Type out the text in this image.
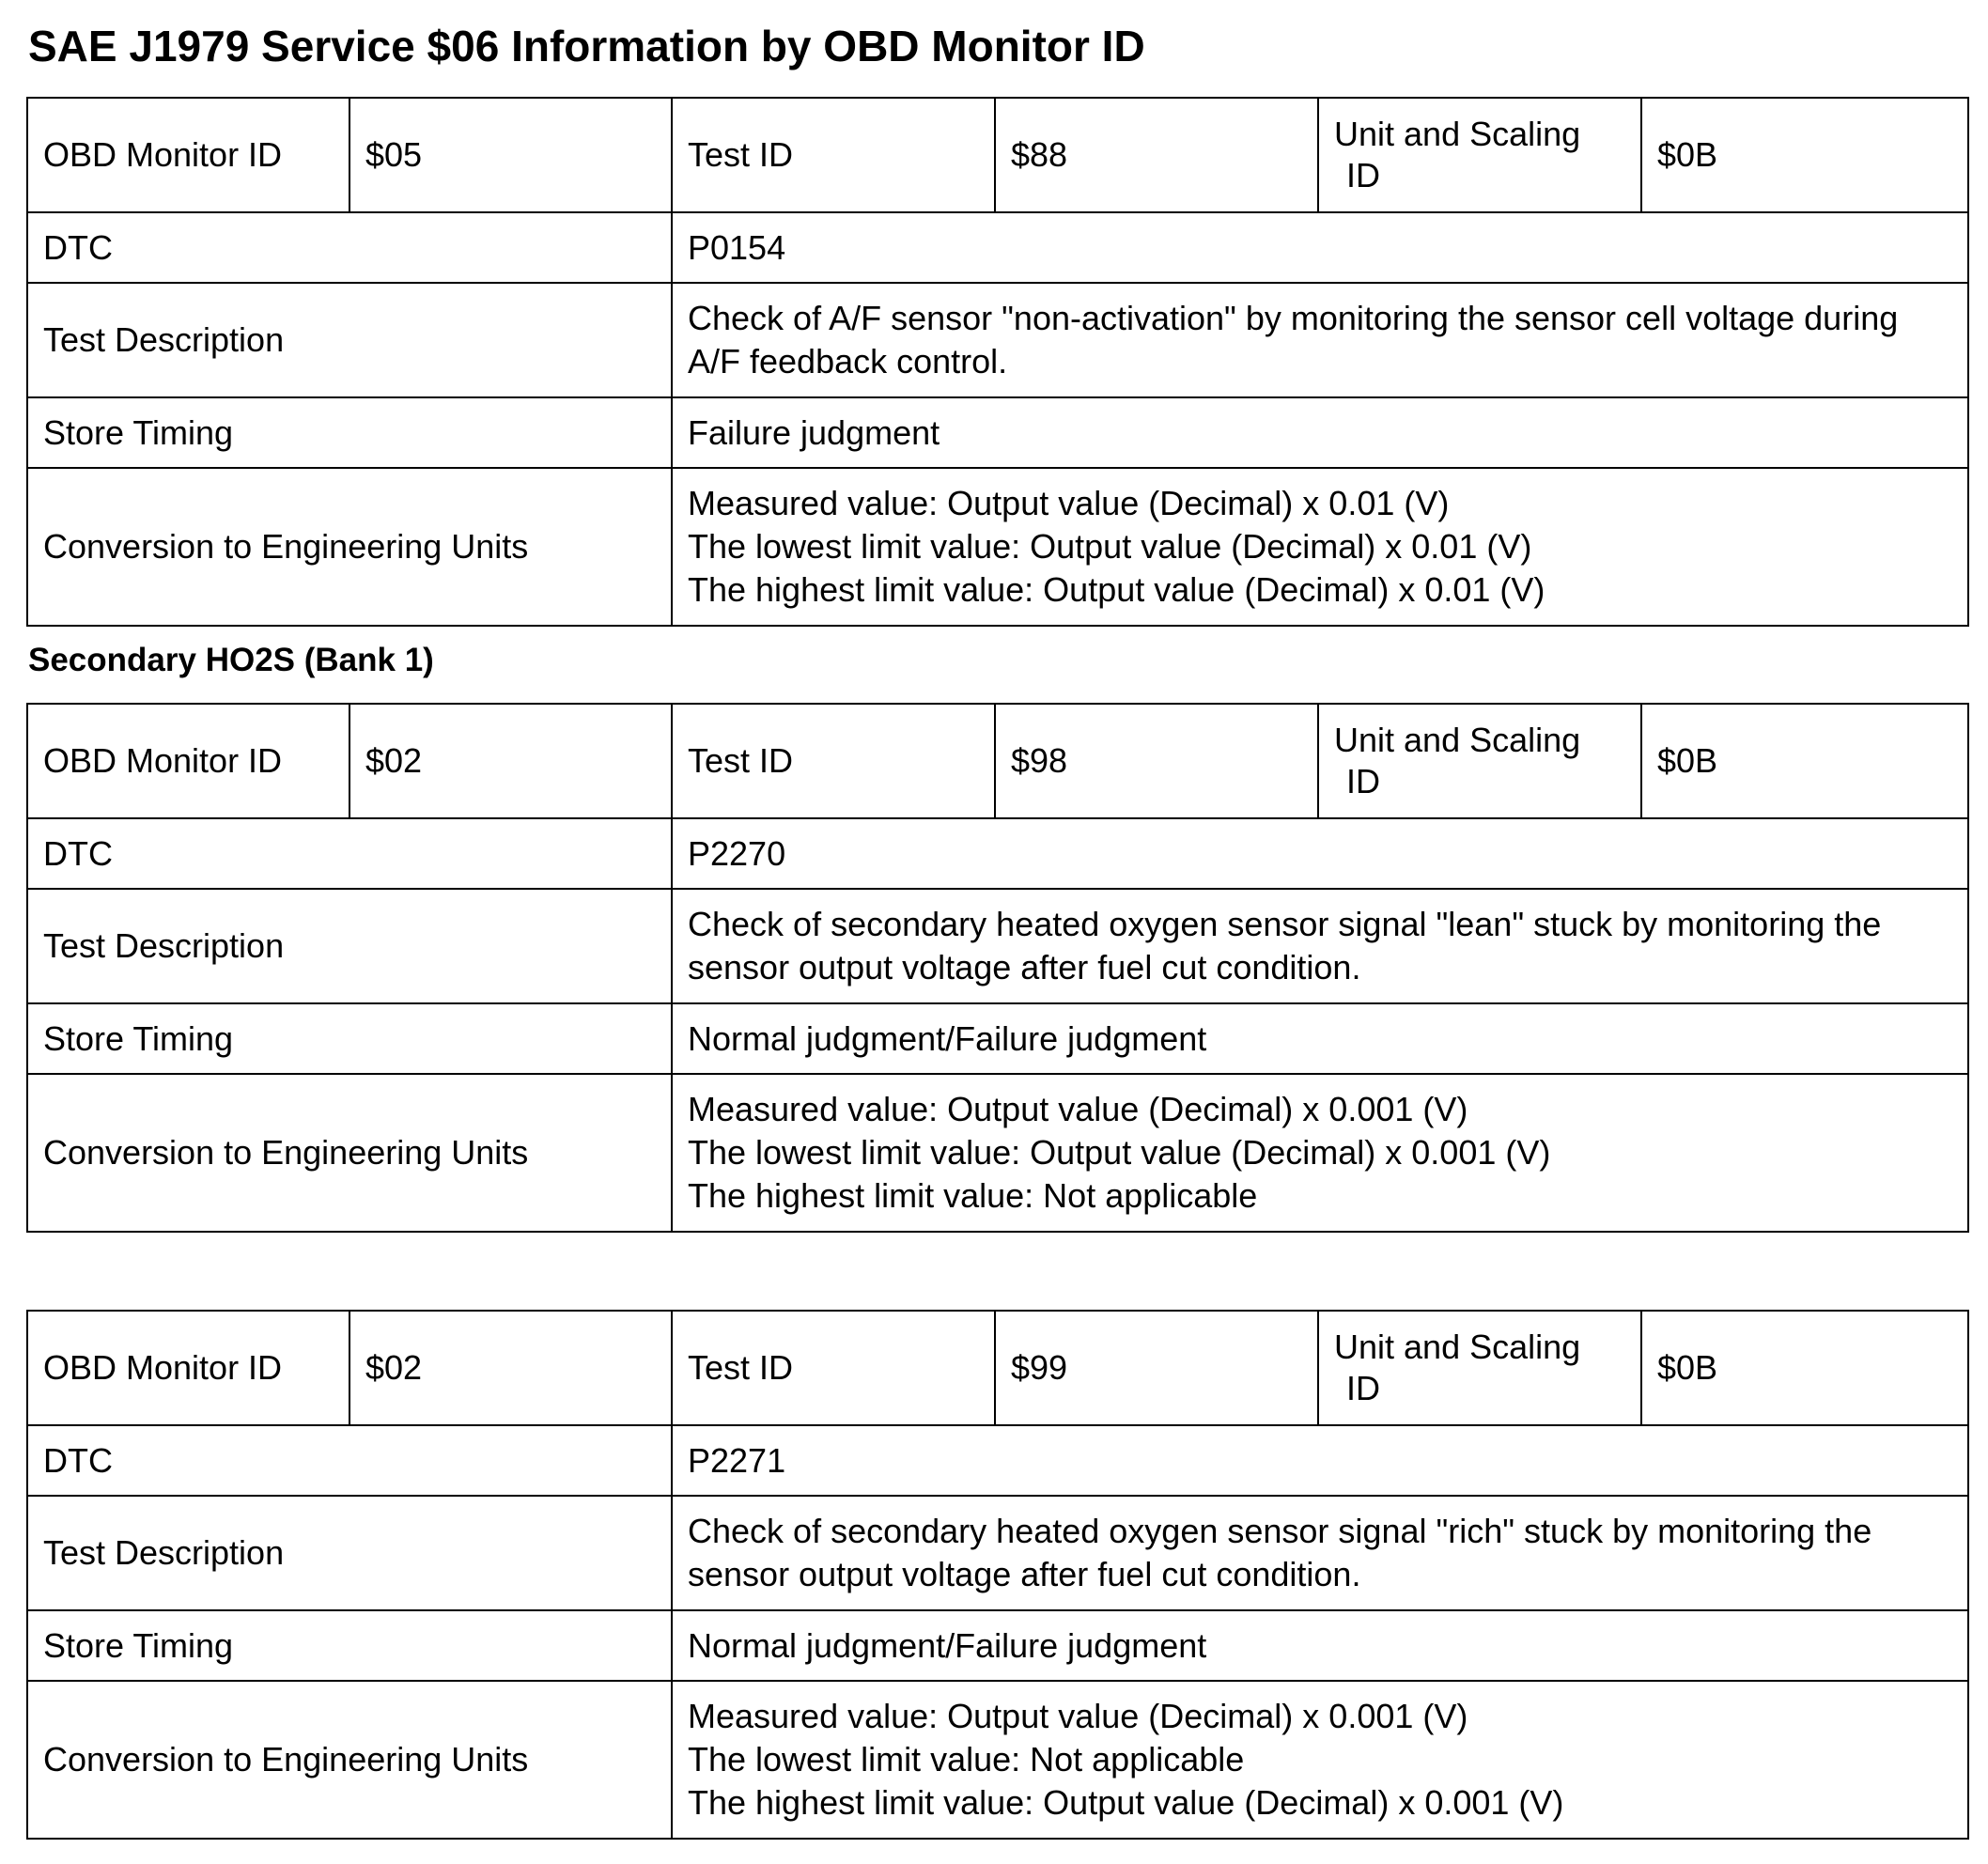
SAE J1979 Service $06 Information by OBD Monitor ID
OBD Monitor ID	$05	Test ID	$88	Unit and Scaling
ID	$0B
DTC		P0154			
Test Description		Check of A/F sensor "non-activation" by monitoring the sensor cell voltage during A/F feedback control.			
Store Timing		Failure judgment			
Conversion to Engineering Units		Measured value: Output value (Decimal) x 0.01 (V)
The lowest limit value: Output value (Decimal) x 0.01 (V)
The highest limit value: Output value (Decimal) x 0.01 (V)			
Secondary HO2S (Bank 1)
OBD Monitor ID	$02	Test ID	$98	Unit and Scaling
ID	$0B
DTC		P2270			
Test Description		Check of secondary heated oxygen sensor signal "lean" stuck by monitoring the sensor output voltage after fuel cut condition.			
Store Timing		Normal judgment/Failure judgment			
Conversion to Engineering Units		Measured value: Output value (Decimal) x 0.001 (V)
The lowest limit value: Output value (Decimal) x 0.001 (V)
The highest limit value: Not applicable			
OBD Monitor ID	$02	Test ID	$99	Unit and Scaling
ID	$0B
DTC		P2271			
Test Description		Check of secondary heated oxygen sensor signal "rich" stuck by monitoring the sensor output voltage after fuel cut condition.			
Store Timing		Normal judgment/Failure judgment			
Conversion to Engineering Units		Measured value: Output value (Decimal) x 0.001 (V)
The lowest limit value: Not applicable
The highest limit value: Output value (Decimal) x 0.001 (V)			
